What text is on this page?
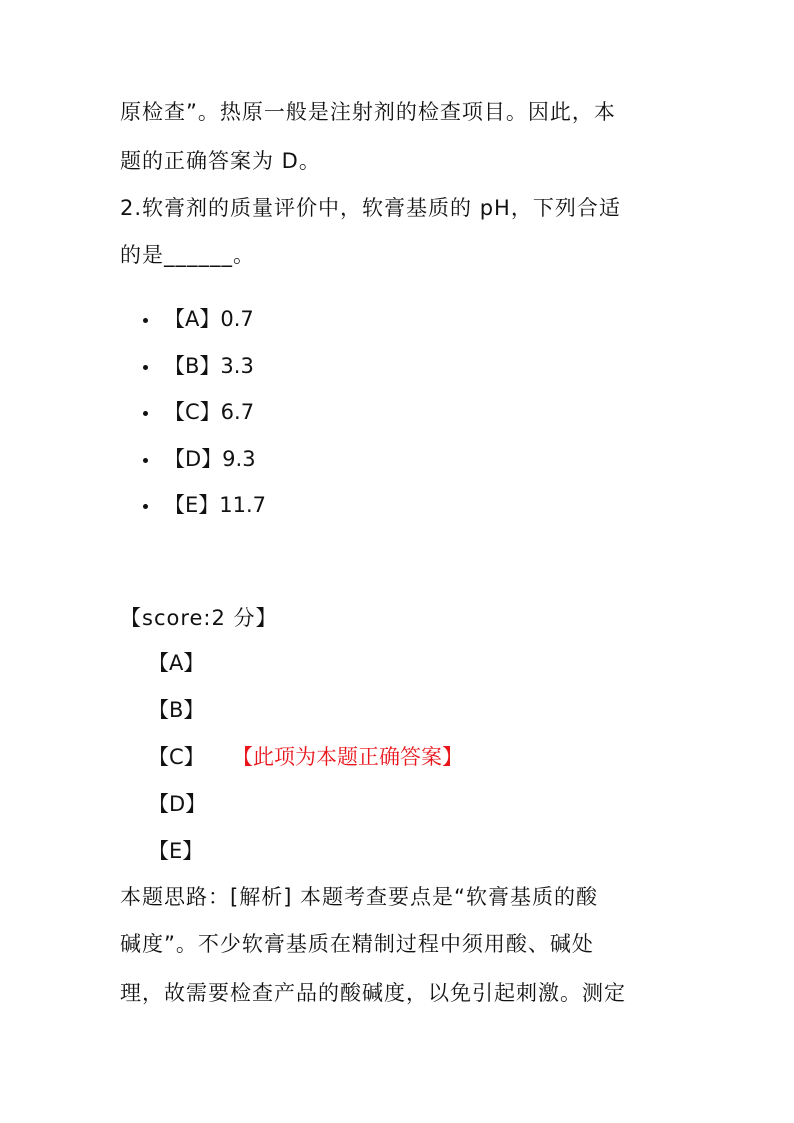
原检查”。热原一般是注射剂的检查项目。因此，本
题的正确答案为 D。
2.软膏剂的质量评价中，软膏基质的 pH，下列合适
的是______。
【A】0.7
【B】3.3
【C】6.7
【D】9.3
【E】11.7
【score:2 分】
【A】
【B】
【C】 【此项为本题正确答案】
【D】
【E】
本题思路：[解析] 本题考查要点是“软膏基质的酸
碱度”。不少软膏基质在精制过程中须用酸、碱处
理，故需要检查产品的酸碱度，以免引起刺激。测定
